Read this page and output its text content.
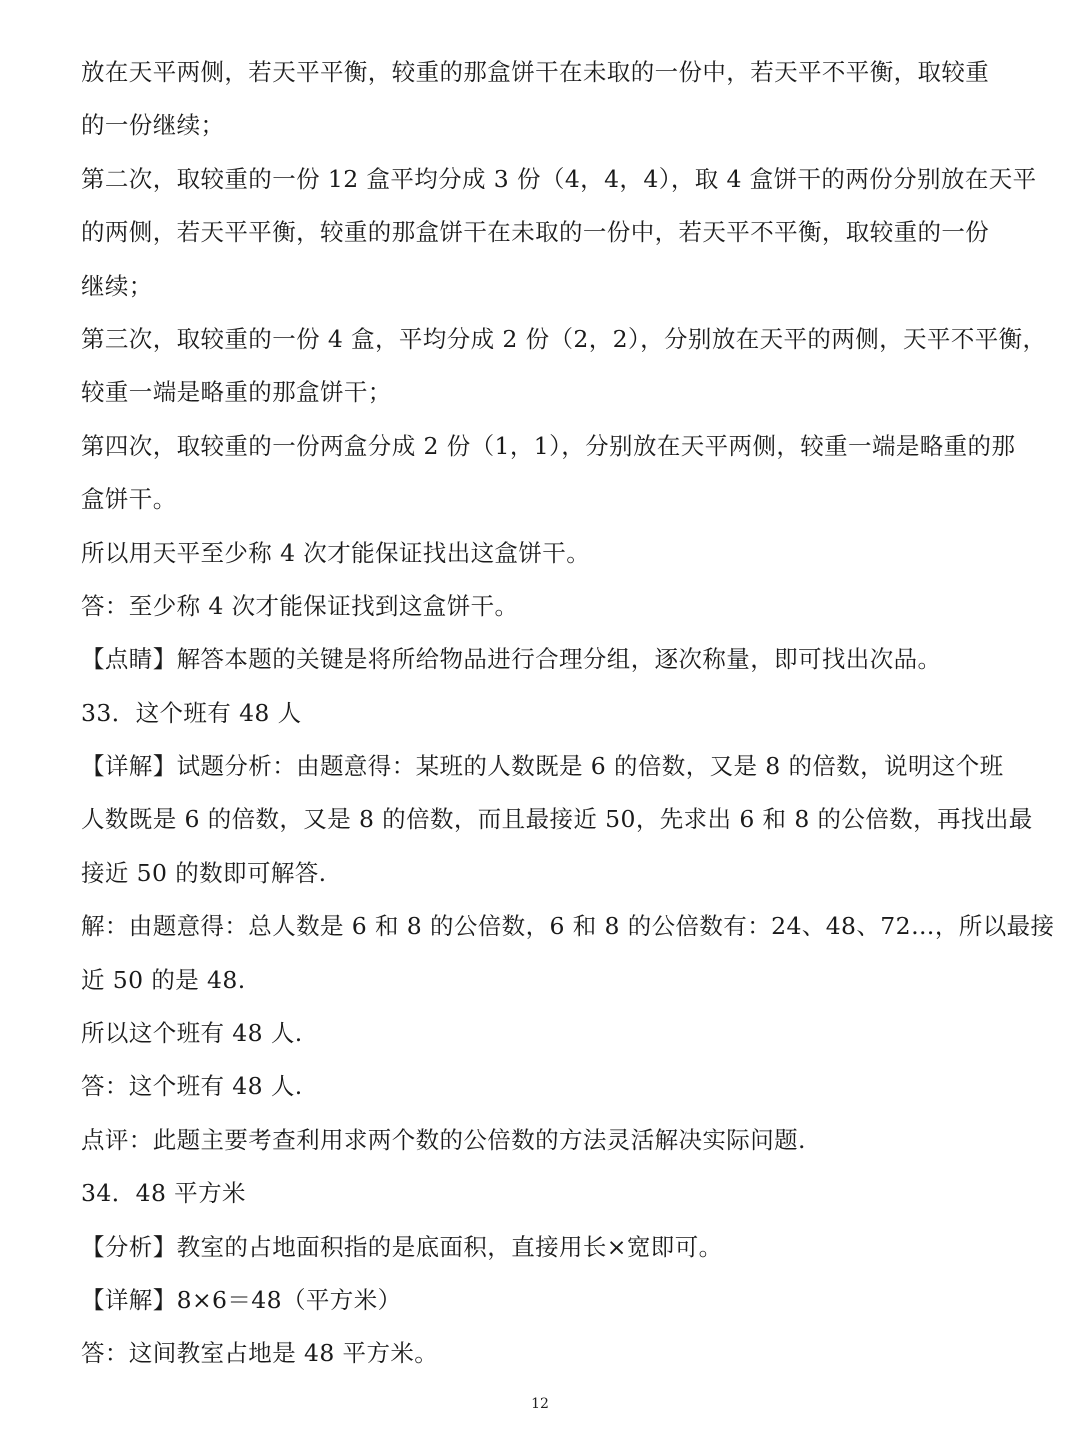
放在天平两侧，若天平平衡，较重的那盒饼干在未取的一份中，若天平不平衡，取较重
的一份继续；
第二次，取较重的一份 12 盒平均分成 3 份（4，4，4），取 4 盒饼干的两份分别放在天平
的两侧，若天平平衡，较重的那盒饼干在未取的一份中，若天平不平衡，取较重的一份
继续；
第三次，取较重的一份 4 盒，平均分成 2 份（2，2），分别放在天平的两侧，天平不平衡，
较重一端是略重的那盒饼干；
第四次，取较重的一份两盒分成 2 份（1，1），分别放在天平两侧，较重一端是略重的那
盒饼干。
所以用天平至少称 4 次才能保证找出这盒饼干。
答：至少称 4 次才能保证找到这盒饼干。
【点睛】解答本题的关键是将所给物品进行合理分组，逐次称量，即可找出次品。
33．这个班有 48 人
【详解】试题分析：由题意得：某班的人数既是 6 的倍数，又是 8 的倍数，说明这个班
人数既是 6 的倍数，又是 8 的倍数，而且最接近 50，先求出 6 和 8 的公倍数，再找出最
接近 50 的数即可解答.
解：由题意得：总人数是 6 和 8 的公倍数，6 和 8 的公倍数有：24、48、72…，所以最接
近 50 的是 48.
所以这个班有 48 人.
答：这个班有 48 人.
点评：此题主要考查利用求两个数的公倍数的方法灵活解决实际问题.
34．48 平方米
【分析】教室的占地面积指的是底面积，直接用长×宽即可。
【详解】8×6＝48（平方米）
答：这间教室占地是 48 平方米。
12
